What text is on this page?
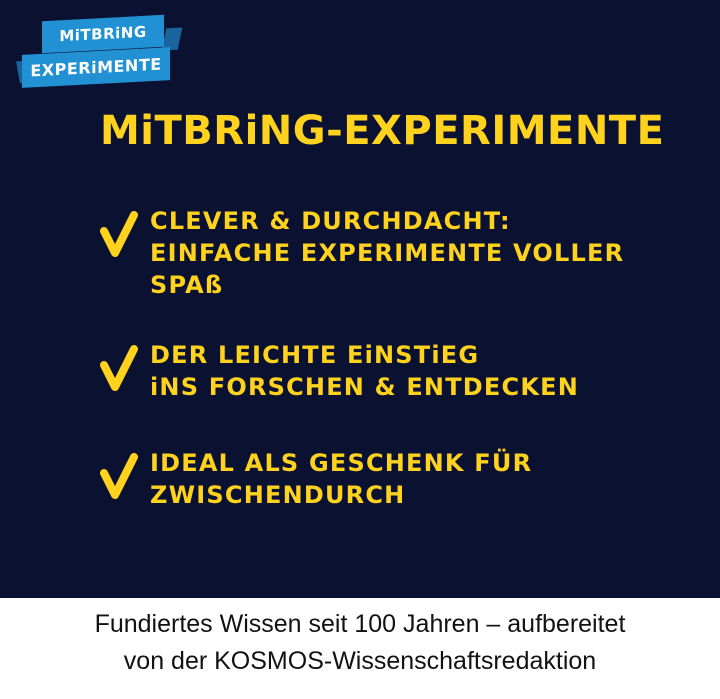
MiTBRiNG
EXPERiMENTE
MiTBRiNG-EXPERIMENTE
CLEVER & DURCHDACHT:
EINFACHE EXPERIMENTE VOLLER SPAß
DER LEICHTE EiNSTiEG
iNS FORSCHEN & ENTDECKEN
IDEAL ALS GESCHENK FÜR
ZWISCHENDURCH
Fundiertes Wissen seit 100 Jahren – aufbereitet
von der KOSMOS-Wissenschaftsredaktion
